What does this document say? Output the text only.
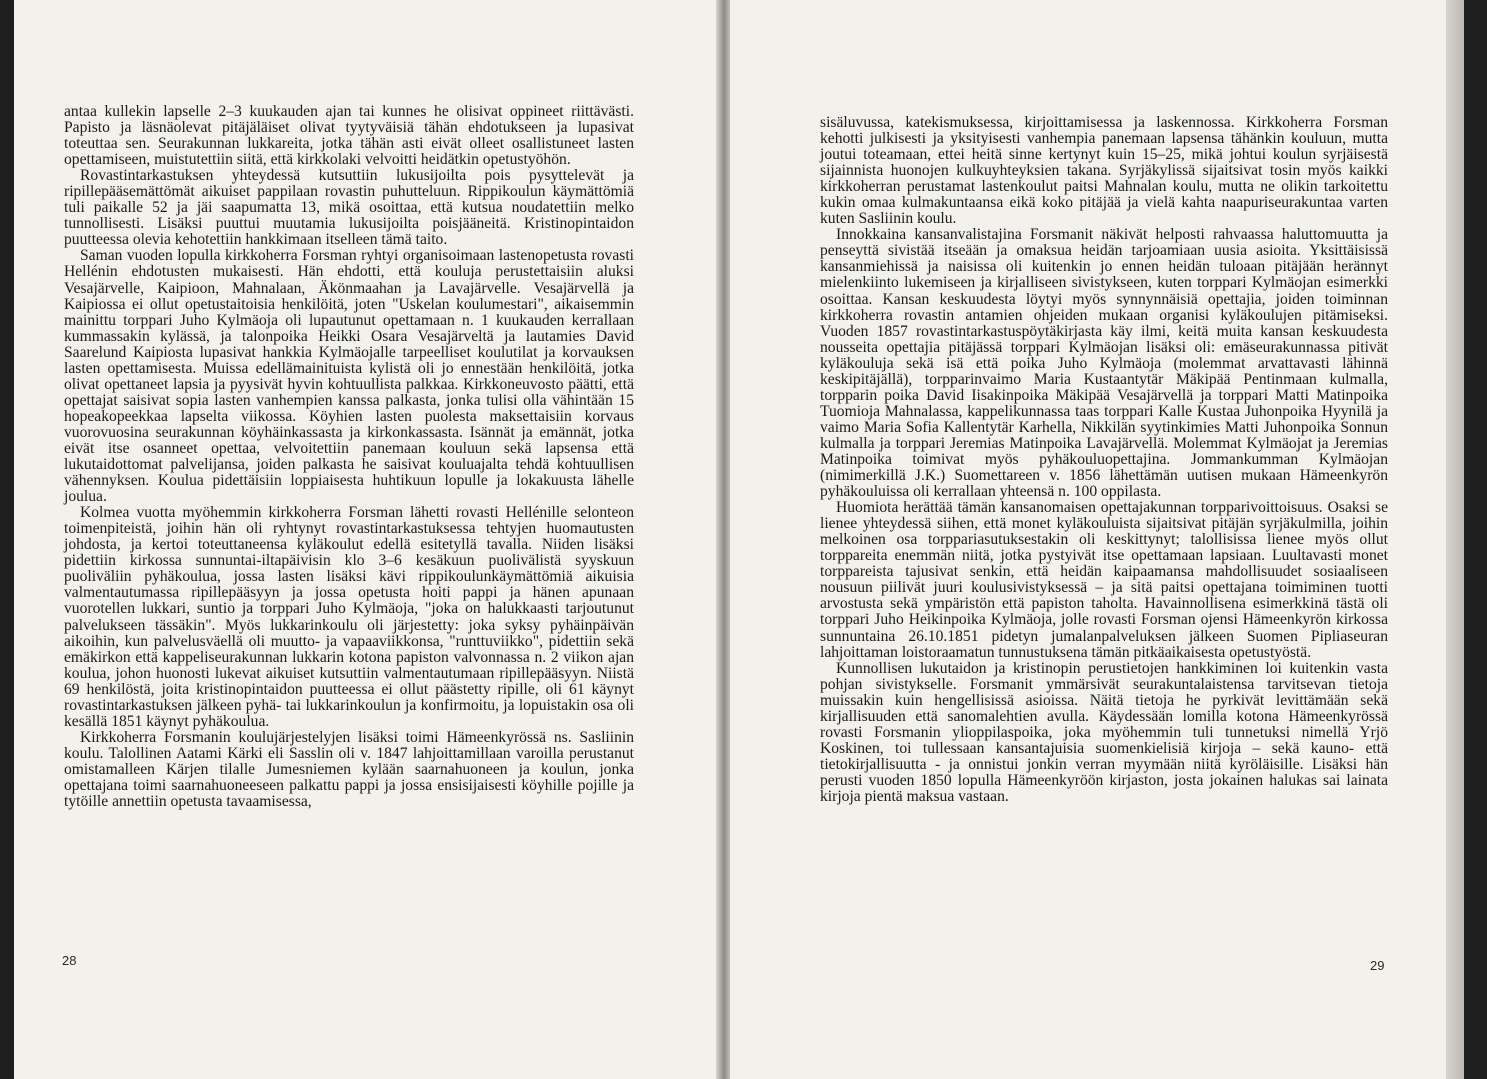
antaa kullekin lapselle 2–3 kuukauden ajan tai kunnes he olisivat oppineet riittävästi. Papisto ja läsnäolevat pitäjäläiset olivat tyytyväisiä tähän ehdotukseen ja lupasivat toteuttaa sen. Seurakunnan lukkareita, jotka tähän asti eivät olleet osallistuneet lasten opettamiseen, muistutettiin siitä, että kirkkolaki velvoitti heidätkin opetustyöhön.

Rovastintarkastuksen yhteydessä kutsuttiin lukusijoilta pois pysyttelevät ja ripillepääsemättömät aikuiset pappilaan rovastin puhutteluun. Rippikoulun käymättömiä tuli paikalle 52 ja jäi saapumatta 13, mikä osoittaa, että kutsua noudatettiin melko tunnollisesti. Lisäksi puuttui muutamia lukusijoilta poisjääneitä. Kristinopintaidon puutteessa olevia kehotettiin hankkimaan itselleen tämä taito.

Saman vuoden lopulla kirkkoherra Forsman ryhtyi organisoimaan lastenopetusta rovasti Hellénin ehdotusten mukaisesti. Hän ehdotti, että kouluja perustettaisiin aluksi Vesajärvelle, Kaipioon, Mahnalaan, Äkönmaahan ja Lavajärvelle. Vesajärvellä ja Kaipiossa ei ollut opetustaitoisia henkilöitä, joten "Uskelan koulumestari", aikaisemmin mainittu torppari Juho Kylmäoja oli lupautunut opettamaan n. 1 kuukauden kerrallaan kummassakin kylässä, ja talonpoika Heikki Osara Vesajärveltä ja lautamies David Saarelund Kaipiosta lupasivat hankkia Kylmäojalle tarpeelliset koulutilat ja korvauksen lasten opettamisesta. Muissa edellämainituista kylistä oli jo ennestään henkilöitä, jotka olivat opettaneet lapsia ja pyysivät hyvin kohtuullista palkkaa. Kirkkoneuvosto päätti, että opettajat saisivat sopia lasten vanhempien kanssa palkasta, jonka tulisi olla vähintään 15 hopeakopeekkaa lapselta viikossa. Köyhien lasten puolesta maksettaisiin korvaus vuorovuosina seurakunnan köyhäinkassasta ja kirkonkassasta. Isännät ja emännät, jotka eivät itse osanneet opettaa, velvoitettiin panemaan kouluun sekä lapsensa että lukutaidottomat palvelijansa, joiden palkasta he saisivat kouluajalta tehdä kohtuullisen vähennyksen. Koulua pidettäisiin loppiaisesta huhtikuun lopulle ja lokakuusta lähelle joulua.

Kolmea vuotta myöhemmin kirkkoherra Forsman lähetti rovasti Hellénille selonteon toimenpiteistä, joihin hän oli ryhtynyt rovastintarkastuksessa tehtyjen huomautusten johdosta, ja kertoi toteuttaneensa kyläkoulut edellä esitetyllä tavalla. Niiden lisäksi pidettiin kirkossa sunnuntai-iltapäivisin klo 3–6 kesäkuun puolivälistä syyskuun puoliväliin pyhäkoulua, jossa lasten lisäksi kävi rippikoulunkäymättömiä aikuisia valmentautumassa ripillepääsyyn ja jossa opetusta hoiti pappi ja hänen apunaan vuorotellen lukkari, suntio ja torppari Juho Kylmäoja, "joka on halukkaasti tarjoutunut palvelukseen tässäkin". Myös lukkarinkoulu oli järjestetty: joka syksy pyhäinpäivän aikoihin, kun palvelusväellä oli muutto- ja vapaaviikkonsa, "runttuviikko", pidettiin sekä emäkirkon että kappeliseurakunnan lukkarin kotona papiston valvonnassa n. 2 viikon ajan koulua, johon huonosti lukevat aikuiset kutsuttiin valmentautumaan ripillepääsyyn. Niistä 69 henkilöstä, joita kristinopintaidon puutteessa ei ollut päästetty ripille, oli 61 käynyt rovastintarkastuksen jälkeen pyhä- tai lukkarinkoulun ja konfirmoitu, ja lopuistakin osa oli kesällä 1851 käynyt pyhäkoulua.

Kirkkoherra Forsmanin koulujärjestelyjen lisäksi toimi Hämeenkyrössä ns. Sasliinin koulu. Talollinen Aatami Kärki eli Sasslin oli v. 1847 lahjoittamillaan varoilla perustanut omistamalleen Kärjen tilalle Jumesniemen kylään saarnahuoneen ja koulun, jonka opettajana toimi saarnahuoneeseen palkattu pappi ja jossa ensisijaisesti köyhille pojille ja tytöille annettiin opetusta tavaamisessa,

28

sisäluvussa, katekismuksessa, kirjoittamisessa ja laskennossa. Kirkkoherra Forsman kehotti julkisesti ja yksityisesti vanhempia panemaan lapsensa tähänkin kouluun, mutta joutui toteamaan, ettei heitä sinne kertynyt kuin 15–25, mikä johtui koulun syrjäisestä sijainnista huonojen kulkuyhteyksien takana. Syrjäkylissä sijaitsivat tosin myös kaikki kirkkoherran perustamat lastenkoulut paitsi Mahnalan koulu, mutta ne olikin tarkoitettu kukin omaa kulmakuntaansa eikä koko pitäjää ja vielä kahta naapuriseurakuntaa varten kuten Sasliinin koulu.

Innokkaina kansanvalistajina Forsmanit näkivät helposti rahvaassa haluttomuutta ja penseyttä sivistää itseään ja omaksua heidän tarjoamiaan uusia asioita. Yksittäisissä kansanmiehissä ja naisissa oli kuitenkin jo ennen heidän tuloaan pitäjään herännyt mielenkiinto lukemiseen ja kirjalliseen sivistykseen, kuten torppari Kylmäojan esimerkki osoittaa. Kansan keskuudesta löytyi myös synnynnäisiä opettajia, joiden toiminnan kirkkoherra rovastin antamien ohjeiden mukaan organisi kyläkoulujen pitämiseksi. Vuoden 1857 rovastintarkastuspöytäkirjasta käy ilmi, keitä muita kansan keskuudesta nousseita opettajia pitäjässä torppari Kylmäojan lisäksi oli: emäseurakunnassa pitivät kyläkouluja sekä isä että poika Juho Kylmäoja (molemmat arvattavasti lähinnä keskipitäjällä), torpparinvaimo Maria Kustaantytär Mäkipää Pentinmaan kulmalla, torpparin poika David Iisakinpoika Mäkipää Vesajärvellä ja torppari Matti Matinpoika Tuomioja Mahnalassa, kappelikunnassa taas torppari Kalle Kustaa Juhonpoika Hyynilä ja vaimo Maria Sofia Kallentytär Karhella, Nikkilän syytinkimies Matti Juhonpoika Sonnun kulmalla ja torppari Jeremias Matinpoika Lavajärvellä. Molemmat Kylmäojat ja Jeremias Matinpoika toimivat myös pyhäkouluopettajina. Jommankumman Kylmäojan (nimimerkillä J.K.) Suomettareen v. 1856 lähettämän uutisen mukaan Hämeenkyrön pyhäkouluissa oli kerrallaan yhteensä n. 100 oppilasta.

Huomiota herättää tämän kansanomaisen opettajakunnan torpparivoittoisuus. Osaksi se lienee yhteydessä siihen, että monet kyläkouluista sijaitsivat pitäjän syrjäkulmilla, joihin melkoinen osa torppariasutuksestakin oli keskittynyt; talollisissa lienee myös ollut torppareita enemmän niitä, jotka pystyivät itse opettamaan lapsiaan. Luultavasti monet torppareista tajusivat senkin, että heidän kaipaamansa mahdollisuudet sosiaaliseen nousuun piilivät juuri koulusivistyksessä – ja sitä paitsi opettajana toimiminen tuotti arvostusta sekä ympäristön että papiston taholta. Havainnollisena esimerkkinä tästä oli torppari Juho Heikinpoika Kylmäoja, jolle rovasti Forsman ojensi Hämeenkyrön kirkossa sunnuntaina 26.10.1851 pidetyn jumalanpalveluksen jälkeen Suomen Pipliaseuran lahjoittaman loistoraamatun tunnustuksena tämän pitkäaikaisesta opetustyöstä.

Kunnollisen lukutaidon ja kristinopin perustietojen hankkiminen loi kuitenkin vasta pohjan sivistykselle. Forsmanit ymmärsivät seurakuntalaistensa tarvitsevan tietoja muissakin kuin hengellisissä asioissa. Näitä tietoja he pyrkivät levittämään sekä kirjallisuuden että sanomalehtien avulla. Käydessään lomilla kotona Hämeenkyrössä rovasti Forsmanin ylioppilaspoika, joka myöhemmin tuli tunnetuksi nimellä Yrjö Koskinen, toi tullessaan kansantajuisia suomenkielisiä kirjoja – sekä kauno- että tietokirjallisuutta - ja onnistui jonkin verran myymään niitä kyröläisille. Lisäksi hän perusti vuoden 1850 lopulla Hämeenkyröön kirjaston, josta jokainen halukas sai lainata kirjoja pientä maksua vastaan.

29
